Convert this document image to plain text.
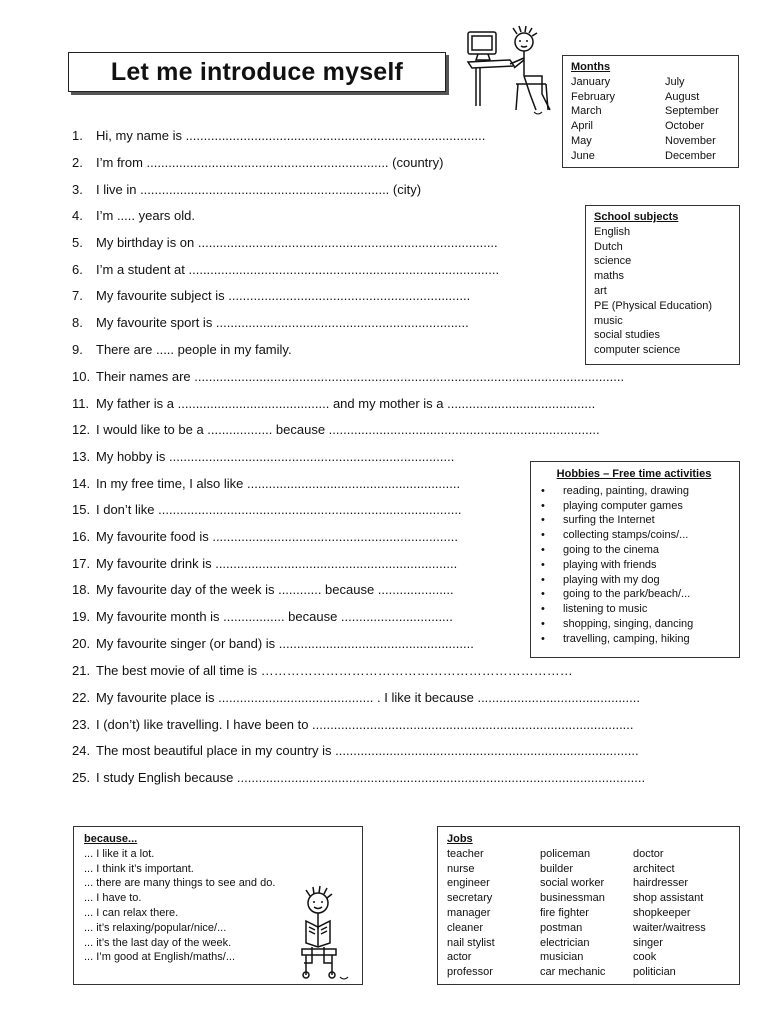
Let me introduce myself
1. Hi, my name is ...................................................................................
2. I’m from ................................................................... (country)
3. I live in ..................................................................... (city)
4. I’m ..... years old.
5. My birthday is on ...................................................................................
6. I’m a student at ......................................................................................
7. My favourite subject is ...................................................................
8. My favourite sport is ......................................................................
9. There are ..... people in my family.
10. Their names are .......................................................................................................................
11. My father is a .......................................... and my mother is a .........................................
12. I would like to be a .................. because ...........................................................................
13. My hobby is ...............................................................................
14. In my free time, I also like ...........................................................
15. I don’t like ....................................................................................
16. My favourite food is ....................................................................
17. My favourite drink is ...................................................................
18. My favourite day of the week is ............ because .....................
19. My favourite month is ................. because ...............................
20. My favourite singer (or band) is ......................................................
21. The best movie of all time is ………………………………………………………………
22. My favourite place is ........................................... . I like it because .............................................
23. I (don’t) like travelling. I have been to .........................................................................................
24. The most beautiful place in my country is ....................................................................................
25. I study English because .................................................................................................................
Months
January	July
February	August
March	September
April	October
May	November
June	December
School subjects
English
Dutch
science
maths
art
PE (Physical Education)
music
social studies
computer science
Hobbies – Free time activities
• reading, painting, drawing
• playing computer games
• surfing the Internet
• collecting stamps/coins/...
• going to the cinema
• playing with friends
• playing with my dog
• going to the park/beach/...
• listening to music
• shopping, singing, dancing
• travelling, camping, hiking
because...
... I like it a lot.
... I think it’s important.
... there are many things to see and do.
... I have to.
... I can relax there.
... it’s relaxing/popular/nice/...
... it’s the last day of the week.
... I’m good at English/maths/...
Jobs
teacher	policeman	doctor
nurse	builder	architect
engineer	social worker	hairdresser
secretary	businessman	shop assistant
manager	fire fighter	shopkeeper
cleaner	postman	waiter/waitress
nail stylist	electrician	singer
actor	musician	cook
professor	car mechanic	politician
